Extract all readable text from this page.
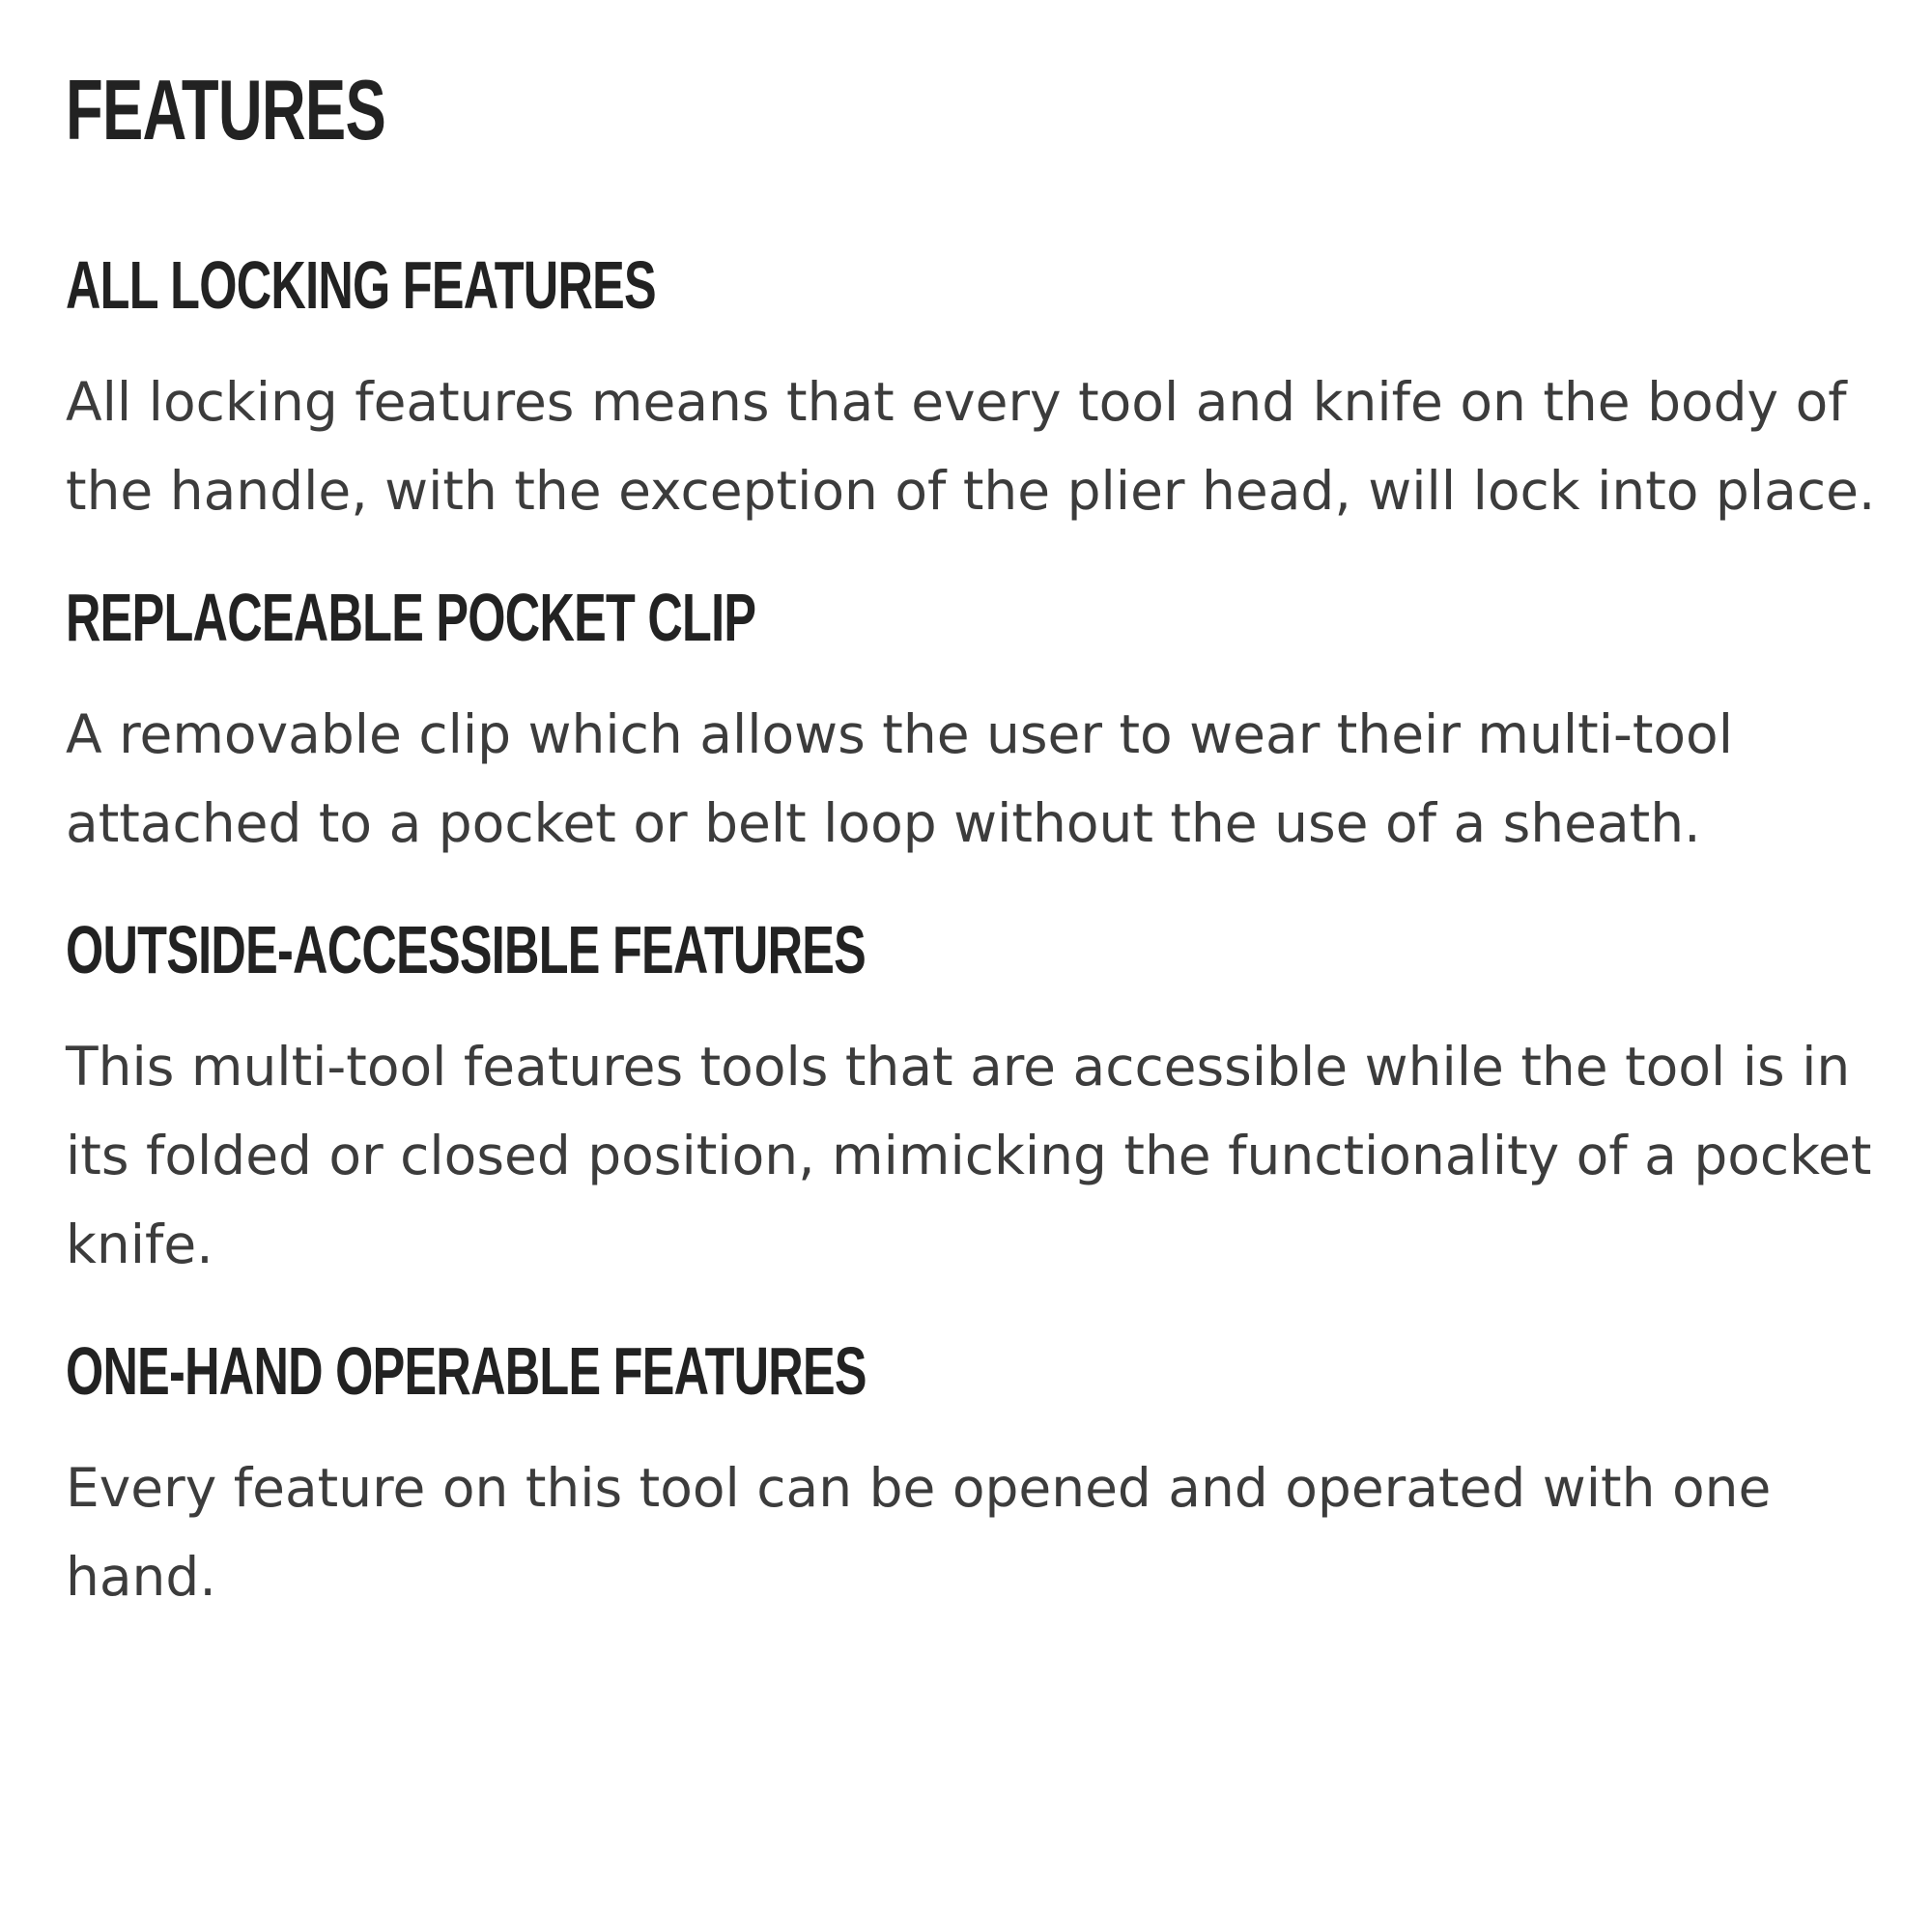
FEATURES
ALL LOCKING FEATURES

All locking features means that every tool and knife on the body of the handle, with the exception of the plier head, will lock into place.

REPLACEABLE POCKET CLIP

A removable clip which allows the user to wear their multi-tool attached to a pocket or belt loop without the use of a sheath.

OUTSIDE-ACCESSIBLE FEATURES

This multi-tool features tools that are accessible while the tool is in its folded or closed position, mimicking the functionality of a pocket knife.

ONE-HAND OPERABLE FEATURES

Every feature on this tool can be opened and operated with one hand.
